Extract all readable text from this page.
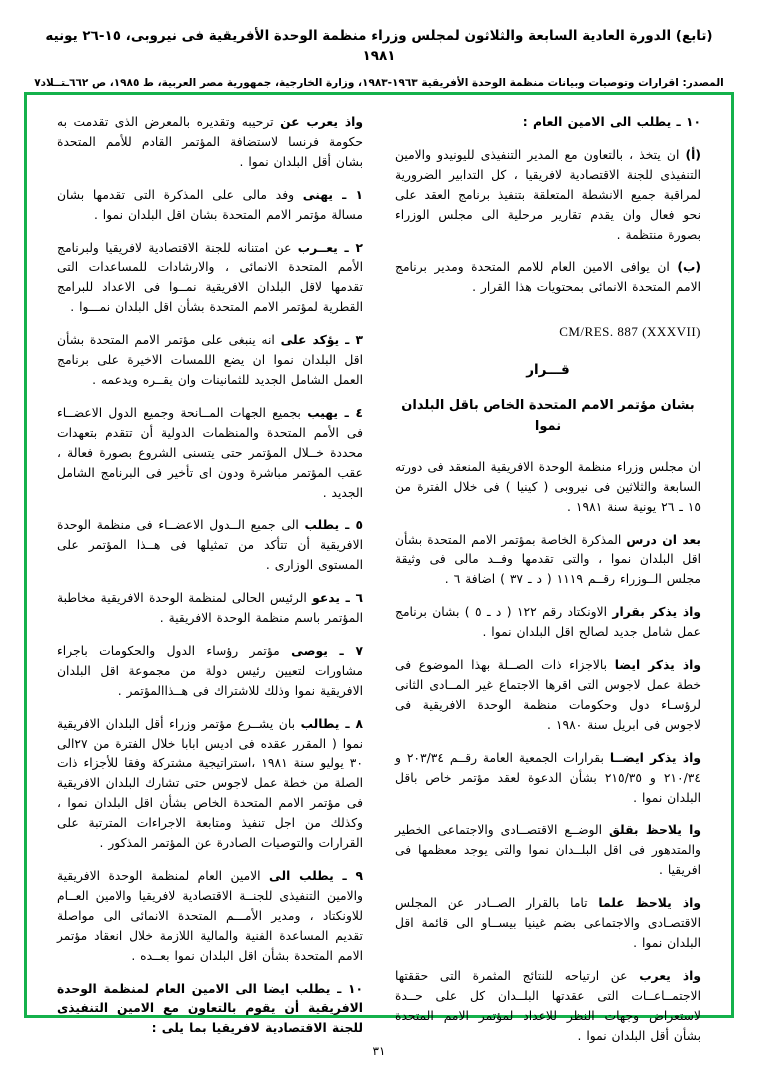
(تابع) الدورة العادية السابعة والثلاثون لمجلس وزراء منظمة الوحدة الأفريقية فى نيروبى، ١٥-٢٦ يونيه ١٩٨١
المصدر: اقرارات وتوصيات وبيانات منظمة الوحدة الأفريقية ١٩٦٣-١٩٨٣، وزارة الخارجية، جمهورية مصر العربية، ط ١٩٨٥، ص ٦٦٢ـتــلاد٧

١٠ ـ يطلب الى الامين العام :

(أ) ان يتخذ ، بالتعاون مع المدير التنفيذى لليونيدو والامين التنفيذى للجنة الاقتصادية لافريقيا ، كل التدابير الضرورية لمراقبة جميع الانشطة المتعلقة بتنفيذ برنامج العقد على نحو فعال وان يقدم تقارير مرحلية الى مجلس الوزراء بصورة منتظمة .

(ب) ان يوافى الامين العام للامم المتحدة ومدير برنامج الامم المتحدة الانمائى بمحتويات هذا القرار .

CM/RES. 887 (XXXVII)
قـــرار
بشان مؤتمر الامم المتحدة الخاص باقل البلدان نموا

ان مجلس وزراء منظمة الوحدة الافريقية المنعقد فى دورته السابعة والثلاثين فى نيروبى ( كينيا ) فى خلال الفترة من ١٥ ـ ٢٦ يونية سنة ١٩٨١ .

بعد ان درس المذكرة الخاصة بمؤتمر الامم المتحدة بشأن اقل البلدان نموا ، والتى تقدمها وفــد مالى فى وثيقة مجلس الــوزراء رقــم ١١١٩ ( د ـ ٣٧ ) اضافة ٦ .

واذ يذكر بقرار الاونكتاد رقم ١٢٢ ( د ـ ٥ ) بشان برنامج عمل شامل جديد لصالح اقل البلدان نموا .

واذ يذكر ايضا بالاجزاء ذات الصــلة بهذا الموضوع فى خطة عمل لاجوس التى اقرها الاجتماع غير المــادى الثانى لرؤسـاء دول وحكومات منظمة الوحدة الافريقية فى لاجوس فى ابريل سنة ١٩٨٠ .

واذ يذكر ايضــا بقرارات الجمعية العامة رقــم ٢٠٣/٣٤ و ٢١٠/٣٤ و ٢١٥/٣٥ بشأن الدعوة لعقد مؤتمر خاص باقل البلدان نموا .

وا يلاحظ بقلق الوضــع الاقتصــادى والاجتماعى الخطير والمتدهور فى اقل البلــدان نموا والتى يوجد معظمها فى افريقيا .

واذ يلاحظ علما تاما بالقرار الصــادر عن المجلس الاقتصـادى والاجتماعى بضم غينيا بيســاو الى قائمة اقل البلدان نموا .

واذ يعرب عن ارتياحه للنتائج المثمرة التى حققتها الاجتمــاعــات التى عقدتها البلــدان كل على حــدة لاستعراض وجهات النظر للاعداد لمؤتمر الامم المتحدة بشأن أقل البلدان نموا .

واذ يعرب عن ترحيبه وتقديره بالمعرض الذى تقدمت به حكومة فرنسا لاستضافة المؤتمر القادم للأمم المتحدة بشان أقل البلدان نموا .

١ ـ يهنى وفد مالى على المذكرة التى تقدمها بشان مسالة مؤتمر الامم المتحدة بشان اقل البلدان نموا .

٢ ـ يعــرب عن امتنانه للجنة الاقتصادية لافريقيا ولبرنامج الأمم المتحدة الانمائى ، والارشادات للمساعدات التى تقدمها لاقل البلدان الافريقية نمــوا فى الاعداد للبرامج القطرية لمؤتمر الامم المتحدة بشأن اقل البلدان نمـــوا .

٣ ـ يؤكد على انه ينبغى على مؤتمر الامم المتحدة بشأن اقل البلدان نموا ان يضع اللمسات الاخيرة على برنامج العمل الشامل الجديد للثمانينات وان يقــره ويدعمه .

٤ ـ يهيب بجميع الجهات المــانحة وجميع الدول الاعضــاء فى الأمم المتحدة والمنظمات الدولية أن تتقدم بتعهدات محددة خــلال المؤتمر حتى يتسنى الشروع بصورة فعالة ، عقب المؤتمر مباشرة ودون اى تأخير فى البرنامج الشامل الجديد .

٥ ـ يطلب الى جميع الــدول الاعضــاء فى منظمة الوحدة الافريقية أن تتأكد من تمثيلها فى هــذا المؤتمر على المستوى الوزارى .

٦ ـ يدعو الرئيس الحالى لمنظمة الوحدة الافريقية مخاطبة المؤتمر باسم منظمة الوحدة الافريقية .

٧ ـ يوصى مؤتمر رؤساء الدول والحكومات باجراء مشاورات لتعيين رئيس دولة من مجموعة اقل البلدان الافريقية نموا وذلك للاشتراك فى هــذاالمؤتمر .

٨ ـ يطالب بان يشــرع مؤتمر وزراء أقل البلدان الافريقية نموا ( المقرر عقده فى اديس ابابا خلال الفترة من ٢٧الى ٣٠ يوليو سنة ١٩٨١ ،استراتيجية مشتركة وفقا للأجزاء ذات الصلة من خطة عمل لاجوس حتى تشارك البلدان الافريقية فى مؤتمر الامم المتحدة الخاص بشأن اقل البلدان نموا ، وكذلك من اجل تنفيذ ومتابعة الاجراءات المترتبة على القرارات والتوصيات الصادرة عن المؤتمر المذكور .

٩ ـ يطلب الى الامين العام لمنظمة الوحدة الافريقية والامين التنفيذى للجنــة الاقتصادية لافريقيا والامين العــام للاونكتاد ، ومدير الأمـــم المتحدة الانمائى الى مواصلة تقديم المساعدة الفنية والمالية اللازمة خلال انعقاد مؤتمر الامم المتحدة بشأن اقل البلدان نموا بعــده .

١٠ ـ يطلب ايضا الى الامين العام لمنظمة الوحدة الافريقية أن يقوم بالتعاون مع الامين التنفيذى للجنة الاقتصادية لافريقيا بما يلى :

٣١
